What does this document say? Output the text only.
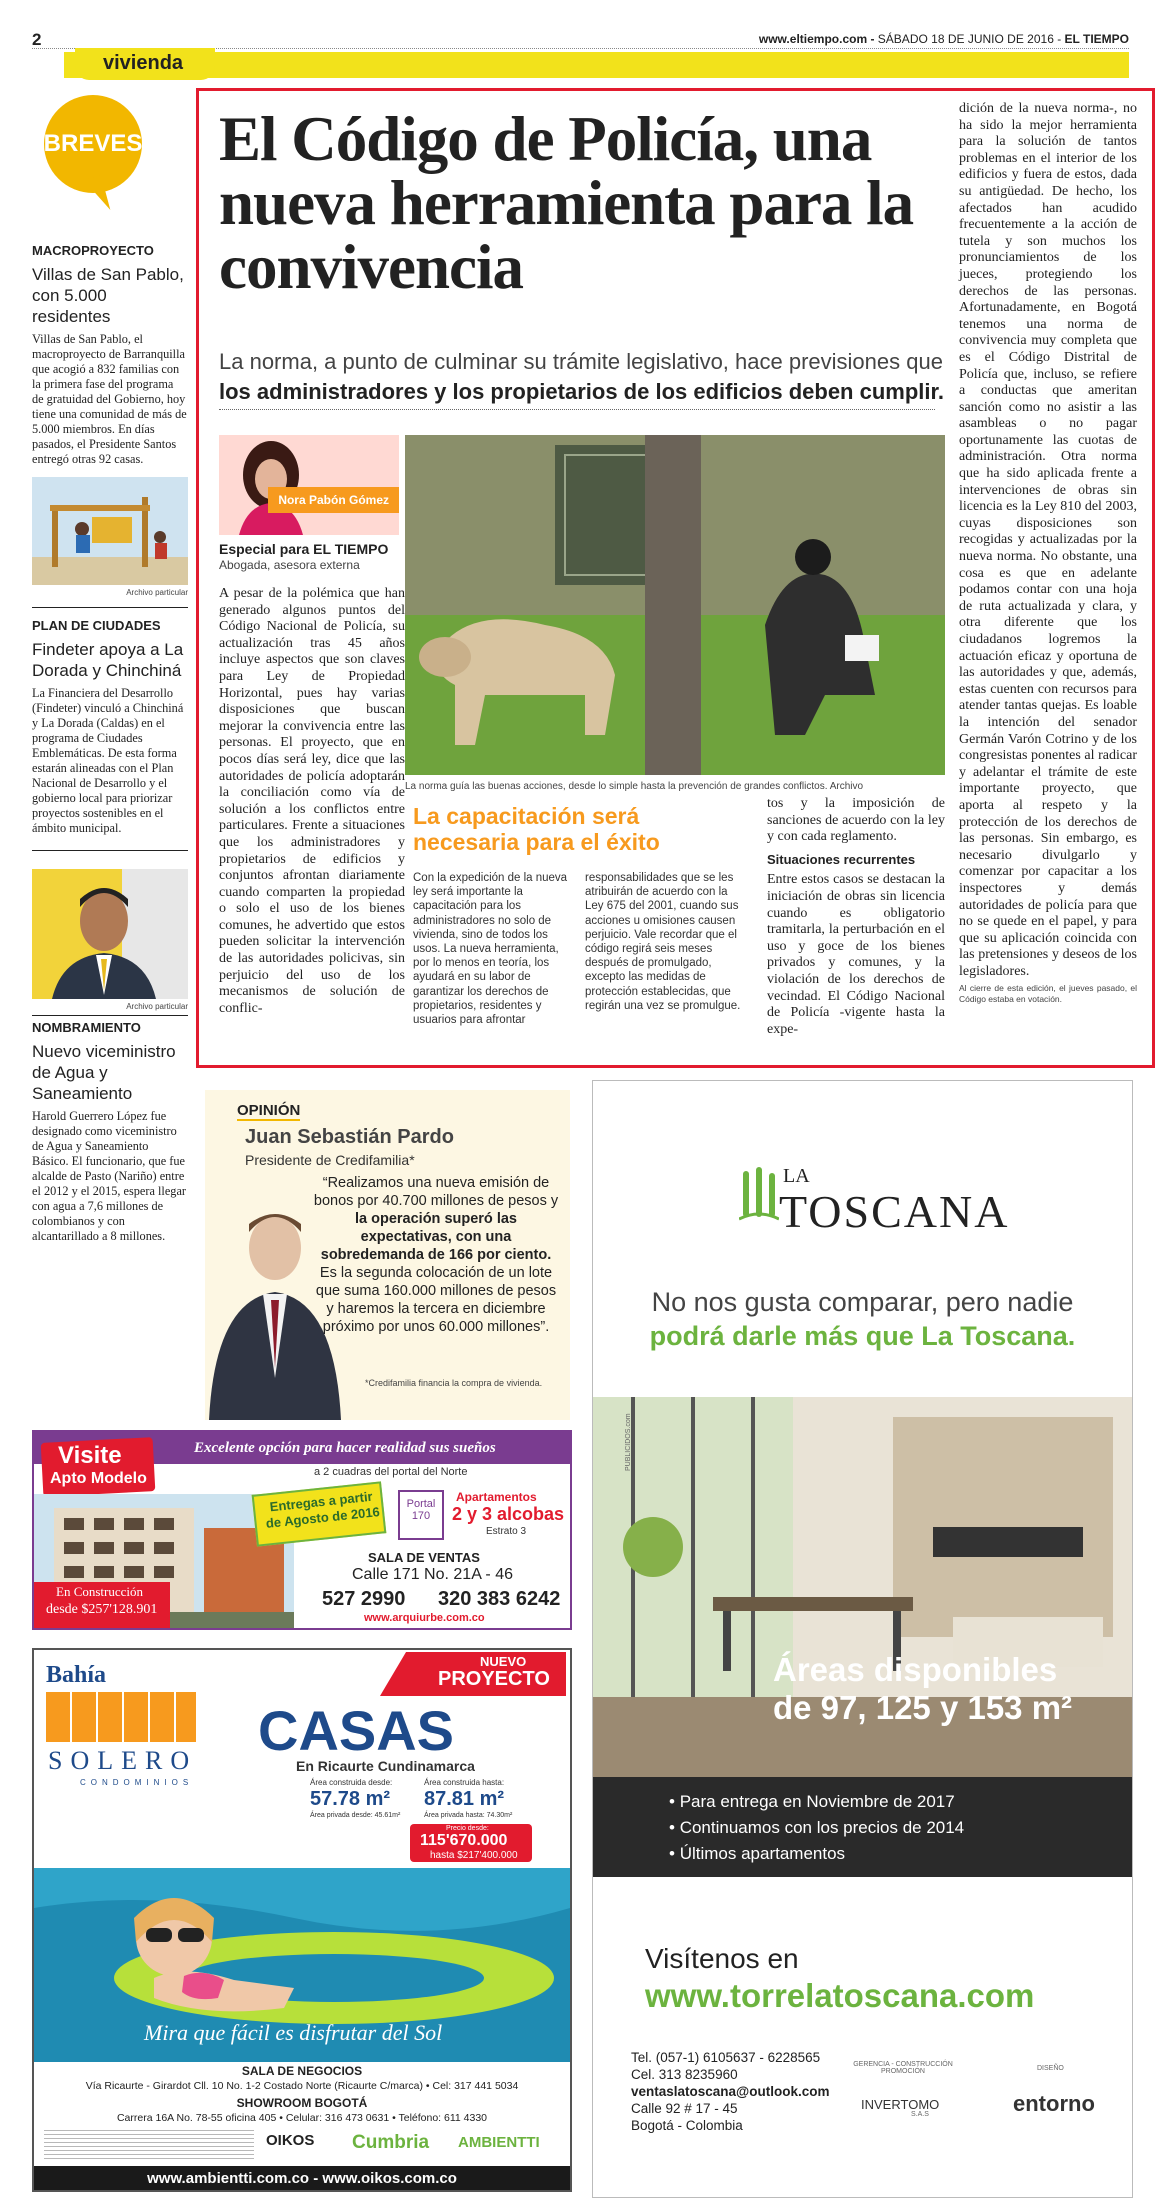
2	www.eltiempo.com - SÁBADO 18 DE JUNIO DE 2016 - EL TIEMPO
vivienda
BREVES
MACROPROYECTO
Villas de San Pablo, con 5.000 residentes
Villas de San Pablo, el macroproyecto de Barranquilla que acogió a 832 familias con la primera fase del programa de gratuidad del Gobierno, hoy tiene una comunidad de más de 5.000 miembros. En días pasados, el Presidente Santos entregó otras 92 casas.
Archivo particular
PLAN DE CIUDADES
Findeter apoya a La Dorada y Chinchiná
La Financiera del Desarrollo (Findeter) vinculó a Chinchiná y La Dorada (Caldas) en el programa de Ciudades Emblemáticas. De esta forma estarán alineadas con el Plan Nacional de Desarrollo y el gobierno local para priorizar proyectos sostenibles en el ámbito municipal.
Archivo particular
NOMBRAMIENTO
Nuevo viceministro de Agua y Saneamiento
Harold Guerrero López fue designado como viceministro de Agua y Saneamiento Básico. El funcionario, que fue alcalde de Pasto (Nariño) entre el 2012 y el 2015, espera llegar con agua a 7,6 millones de colombianos y con alcantarillado a 8 millones.
El Código de Policía, una nueva herramienta para la convivencia
La norma, a punto de culminar su trámite legislativo, hace previsiones que
los administradores y los propietarios de los edificios deben cumplir.
Nora Pabón Gómez
Especial para EL TIEMPO
Abogada, asesora externa
A pesar de la polémica que han generado algunos puntos del Código Nacional de Policía, su actualización tras 45 años incluye aspectos que son claves para Ley de Propiedad Horizontal, pues hay varias disposiciones que buscan mejorar la convivencia entre las personas. El proyecto, que en pocos días será ley, dice que las autoridades de policía adoptarán la conciliación como vía de solución a los conflictos entre particulares. Frente a situaciones que los administradores y propietarios de edificios y conjuntos afrontan diariamente cuando comparten la propiedad o solo el uso de los bienes comunes, he advertido que estos pueden solicitar la intervención de las autoridades policivas, sin perjuicio del uso de los mecanismos de solución de conflic-
La norma guía las buenas acciones, desde lo simple hasta la prevención de grandes conflictos. Archivo
La capacitación será necesaria para el éxito
Con la expedición de la nueva ley será importante la capacitación para los administradores no solo de vivienda, sino de todos los usos. La nueva herramienta, por lo menos en teoría, los ayudará en su labor de garantizar los derechos de propietarios, residentes y usuarios para afrontar
responsabilidades que se les atribuirán de acuerdo con la Ley 675 del 2001, cuando sus acciones u omisiones causen perjuicio. Vale recordar que el código regirá seis meses después de promulgado, excepto las medidas de protección establecidas, que regirán una vez se promulgue.
tos y la imposición de sanciones de acuerdo con la ley y con cada reglamento.
Situaciones recurrentes
Entre estos casos se destacan la iniciación de obras sin licencia cuando es obligatorio tramitarla, la perturbación en el uso y goce de los bienes privados y comunes, y la violación de los derechos de vecindad. El Código Nacional de Policía -vigente hasta la expe-
dición de la nueva norma-, no ha sido la mejor herramienta para la solución de tantos problemas en el interior de los edificios y fuera de estos, dada su antigüedad. De hecho, los afectados han acudido frecuentemente a la acción de tutela y son muchos los pronunciamientos de los jueces, protegiendo los derechos de las personas. Afortunadamente, en Bogotá tenemos una norma de convivencia muy completa que es el Código Distrital de Policía que, incluso, se refiere a conductas que ameritan sanción como no asistir a las asambleas o no pagar oportunamente las cuotas de administración. Otra norma que ha sido aplicada frente a intervenciones de obras sin licencia es la Ley 810 del 2003, cuyas disposiciones son recogidas y actualizadas por la nueva norma. No obstante, una cosa es que en adelante podamos contar con una hoja de ruta actualizada y clara, y otra diferente que los ciudadanos logremos la actuación eficaz y oportuna de las autoridades y que, además, estas cuenten con recursos para atender tantas quejas. Es loable la intención del senador Germán Varón Cotrino y de los congresistas ponentes al radicar y adelantar el trámite de este importante proyecto, que aporta al respeto y la protección de los derechos de las personas. Sin embargo, es necesario divulgarlo y comenzar por capacitar a los inspectores y demás autoridades de policía para que no se quede en el papel, y para que su aplicación coincida con las pretensiones y deseos de los legisladores.
Al cierre de esta edición, el jueves pasado, el Código estaba en votación.
OPINIÓN
Juan Sebastián Pardo
Presidente de Credifamilia*
“Realizamos una nueva emisión de bonos por 40.700 millones de pesos y la operación superó las expectativas, con una sobredemanda de 166 por ciento. Es la segunda colocación de un lote que suma 160.000 millones de pesos y haremos la tercera en diciembre próximo por unos 60.000 millones”.
*Credifamilia financia la compra de vivienda.
Visite
Apto Modelo
Excelente opción para hacer realidad sus sueños
a 2 cuadras del portal del Norte
En Construcción
desde $257'128.901
Entregas a partir de Agosto de 2016
Portal 170
Apartamentos
2 y 3 alcobas
Estrato 3
SALA DE VENTAS
Calle 171 No. 21A - 46
527 2990 320 383 6242
www.arquiurbe.com.co
Bahía
SOLERO
CONDOMINIOS
NUEVO
PROYECTO
CASAS
En Ricaurte Cundinamarca
Área construida desde:
57.78 m²
Área privada desde: 45.61m²
Área construida hasta:
87.81 m²
Área privada hasta: 74.30m²
Precio desde:
115'670.000
hasta $217'400.000
Mira que fácil es disfrutar del Sol
SALA DE NEGOCIOS
Vía Ricaurte - Girardot Cll. 10 No. 1-2 Costado Norte (Ricaurte C/marca) • Cel: 317 441 5034
SHOWROOM BOGOTÁ
Carrera 16A No. 78-55 oficina 405 • Celular: 316 473 0631 • Teléfono: 611 4330
OIKOS Cumbria AMBIENTTI
www.ambientti.com.co - www.oikos.com.co
LA
TOSCANA
No nos gusta comparar, pero nadie
podrá darle más que La Toscana.
Áreas disponibles
de 97, 125 y 153 m²
• Para entrega en Noviembre de 2017
• Continuamos con los precios de 2014
• Últimos apartamentos
Visítenos en
www.torrelatoscana.com
Tel. (057-1) 6105637 - 6228565
Cel. 313 8235960
ventaslatoscana@outlook.com
Calle 92 # 17 - 45
Bogotá - Colombia
GERENCIA - CONSTRUCCIÓN PROMOCIÓN
INVERTOMO
S.A.S
DISEÑO
entorno
PUBLICIDOS.com
